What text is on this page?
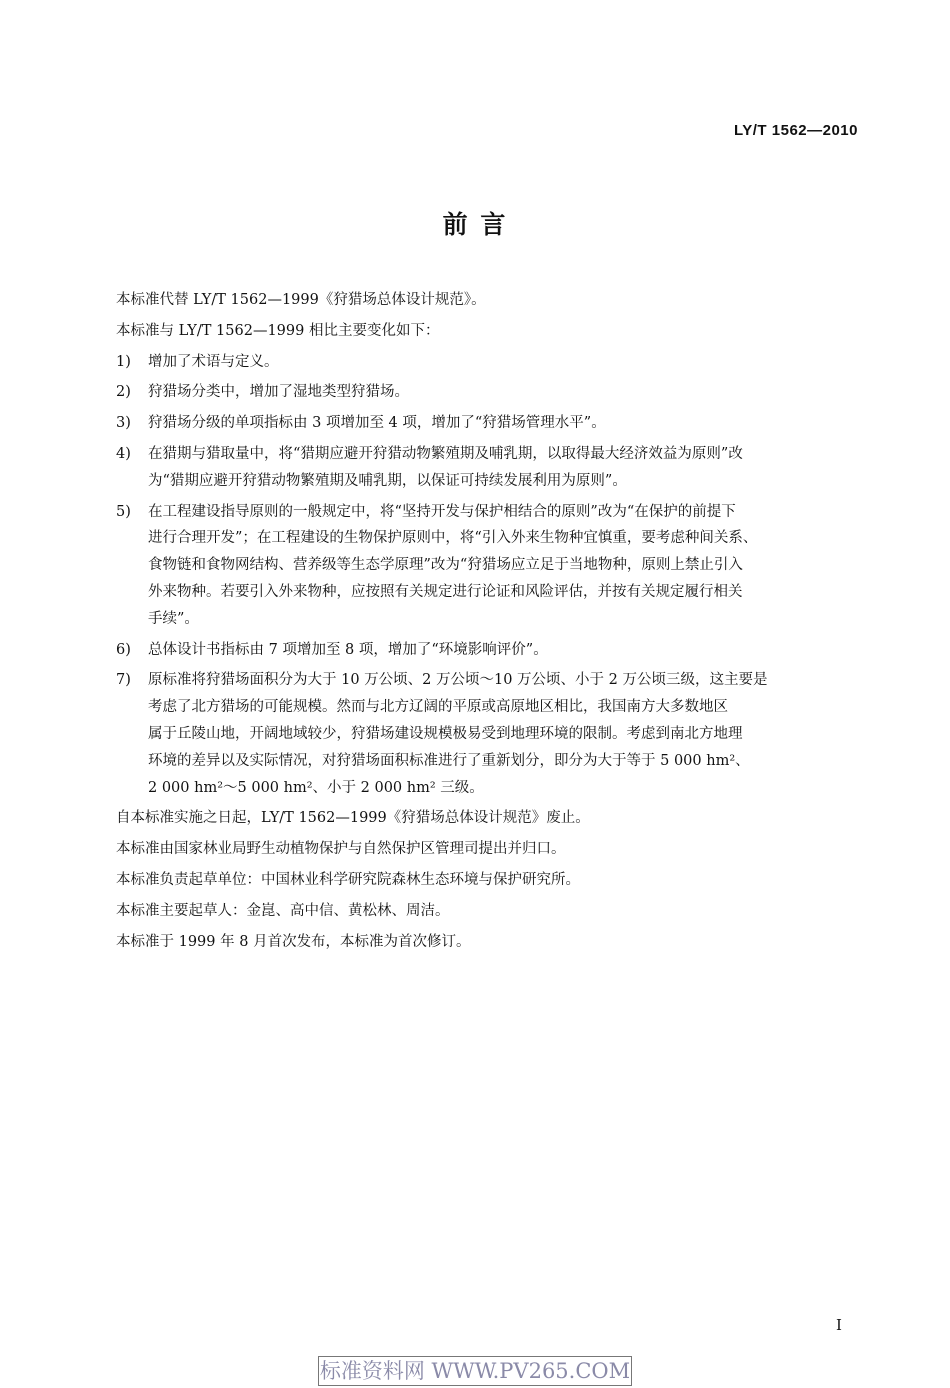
LY/T 1562—2010
前 言
本标准代替 LY/T 1562—1999《狩猎场总体设计规范》。
本标准与 LY/T 1562—1999 相比主要变化如下：
1) 增加了术语与定义。
2) 狩猎场分类中，增加了湿地类型狩猎场。
3) 狩猎场分级的单项指标由 3 项增加至 4 项，增加了“狩猎场管理水平”。
4) 在猎期与猎取量中，将“猎期应避开狩猎动物繁殖期及哺乳期，以取得最大经济效益为原则”改
为“猎期应避开狩猎动物繁殖期及哺乳期，以保证可持续发展利用为原则”。
5) 在工程建设指导原则的一般规定中，将“坚持开发与保护相结合的原则”改为“在保护的前提下
进行合理开发”；在工程建设的生物保护原则中，将“引入外来生物种宜慎重，要考虑种间关系、
食物链和食物网结构、营养级等生态学原理”改为“狩猎场应立足于当地物种，原则上禁止引入
外来物种。若要引入外来物种，应按照有关规定进行论证和风险评估，并按有关规定履行相关
手续”。
6) 总体设计书指标由 7 项增加至 8 项，增加了“环境影响评价”。
7) 原标准将狩猎场面积分为大于 10 万公顷、2 万公顷～10 万公顷、小于 2 万公顷三级，这主要是
考虑了北方猎场的可能规模。然而与北方辽阔的平原或高原地区相比，我国南方大多数地区
属于丘陵山地，开阔地域较少，狩猎场建设规模极易受到地理环境的限制。考虑到南北方地理
环境的差异以及实际情况，对狩猎场面积标准进行了重新划分，即分为大于等于 5 000 hm²、
2 000 hm²～5 000 hm²、小于 2 000 hm² 三级。
自本标准实施之日起，LY/T 1562—1999《狩猎场总体设计规范》废止。
本标准由国家林业局野生动植物保护与自然保护区管理司提出并归口。
本标准负责起草单位：中国林业科学研究院森林生态环境与保护研究所。
本标准主要起草人：金崑、高中信、黄松林、周洁。
本标准于 1999 年 8 月首次发布，本标准为首次修订。
I
标准资料网 WWW.PV265.COM
